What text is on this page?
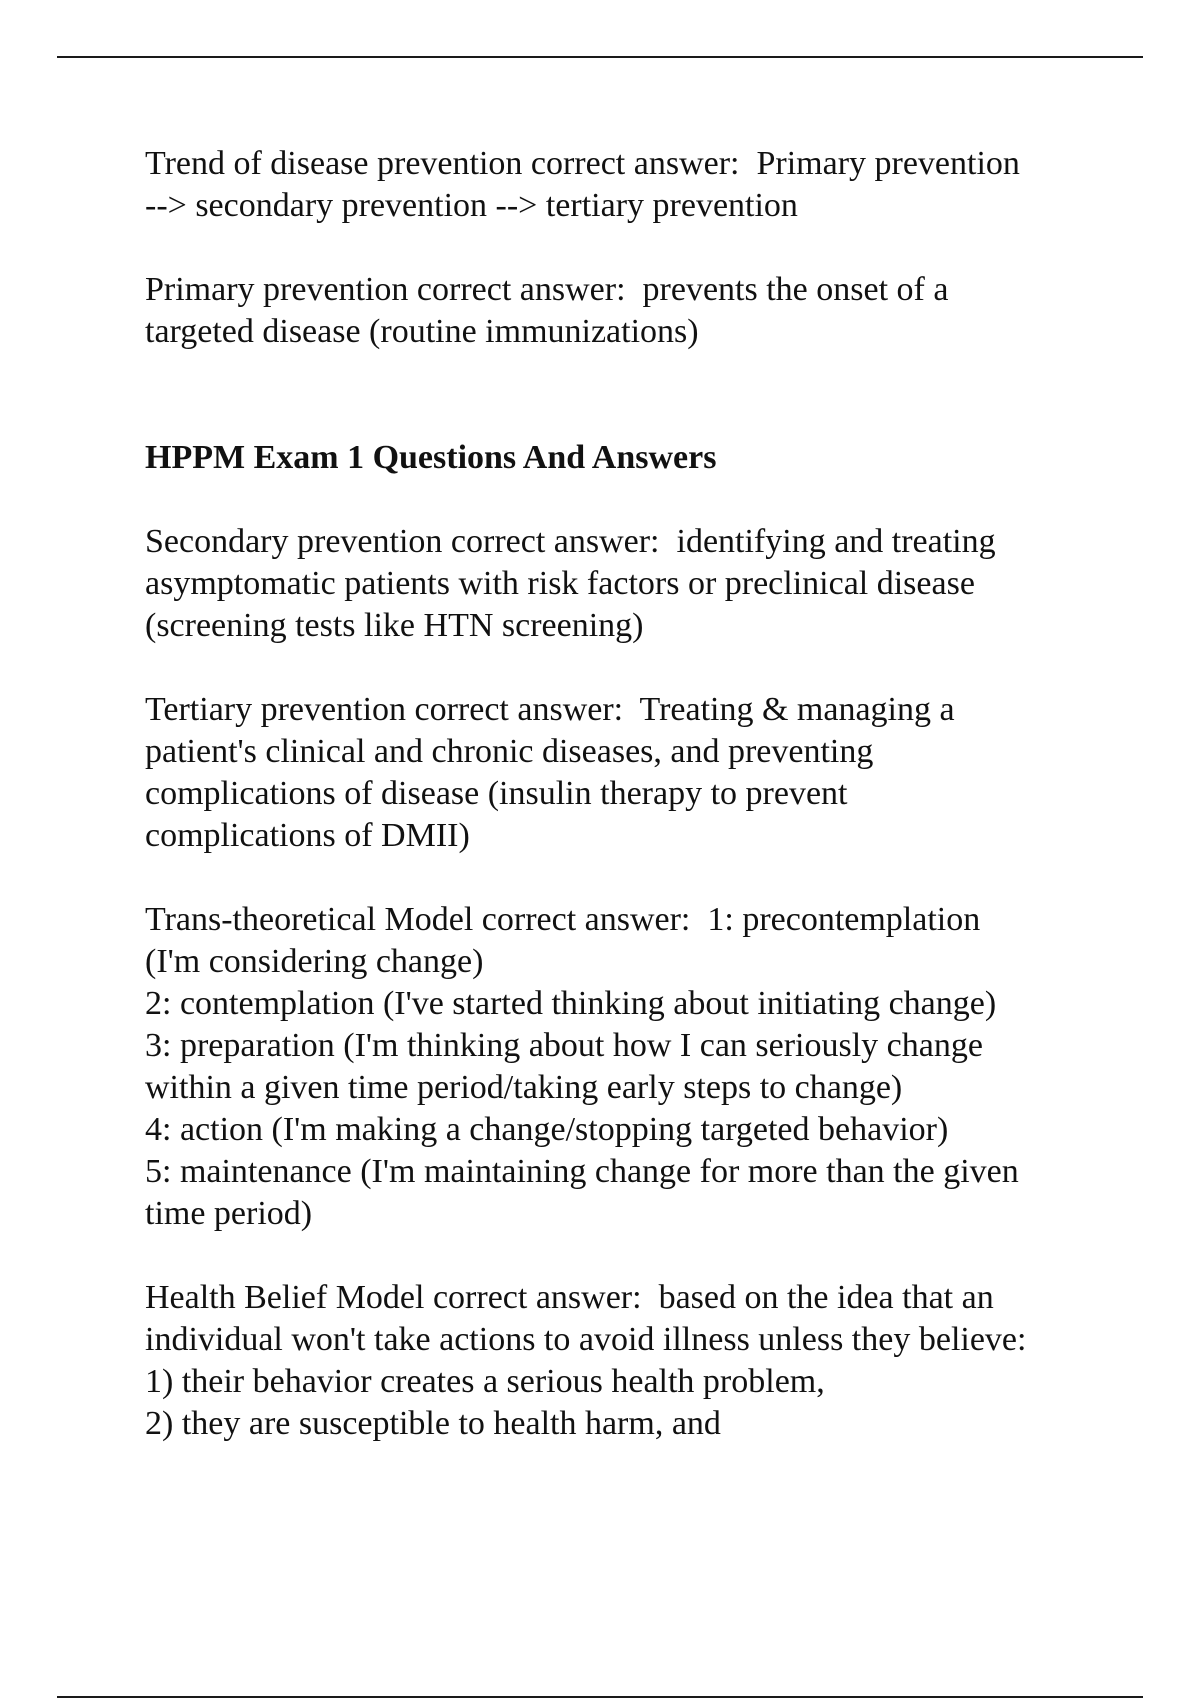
Trend of disease prevention correct answer:  Primary prevention
--> secondary prevention --> tertiary prevention
Primary prevention correct answer:  prevents the onset of a
targeted disease (routine immunizations)
HPPM Exam 1 Questions And Answers
Secondary prevention correct answer:  identifying and treating
asymptomatic patients with risk factors or preclinical disease
(screening tests like HTN screening)
Tertiary prevention correct answer:  Treating & managing a
patient's clinical and chronic diseases, and preventing
complications of disease (insulin therapy to prevent
complications of DMII)
Trans-theoretical Model correct answer:  1: precontemplation
(I'm considering change)
2: contemplation (I've started thinking about initiating change)
3: preparation (I'm thinking about how I can seriously change
within a given time period/taking early steps to change)
4: action (I'm making a change/stopping targeted behavior)
5: maintenance (I'm maintaining change for more than the given
time period)
Health Belief Model correct answer:  based on the idea that an
individual won't take actions to avoid illness unless they believe:
1) their behavior creates a serious health problem,
2) they are susceptible to health harm, and
